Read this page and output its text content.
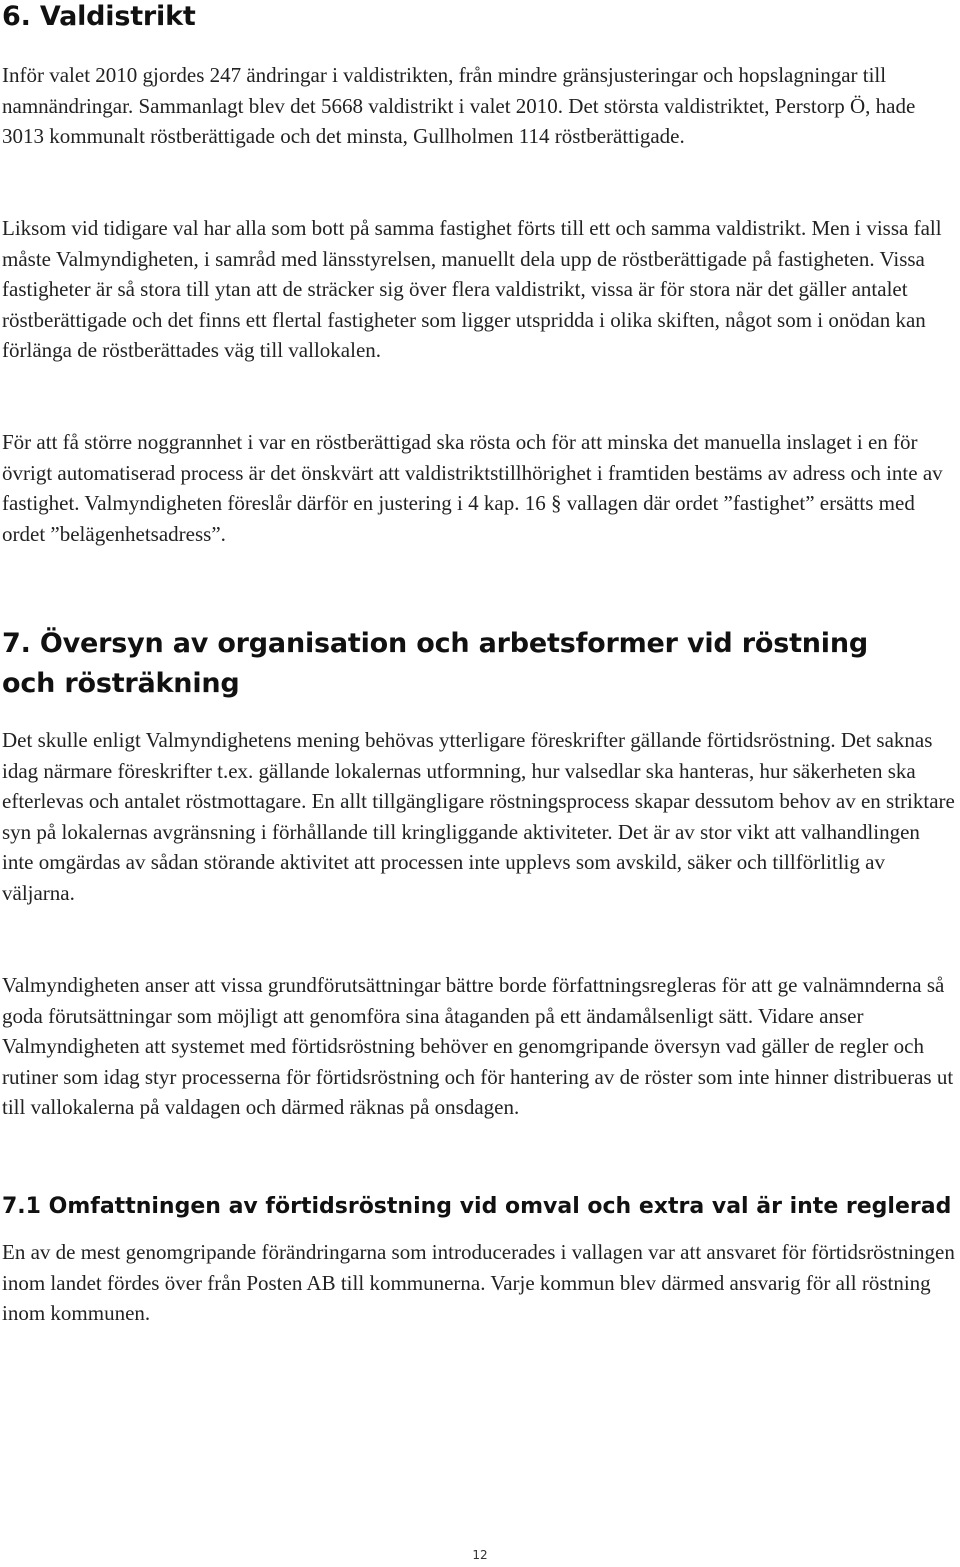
6. Valdistrikt

Inför valet 2010 gjordes 247 ändringar i valdistrikten, från mindre gränsjusteringar och hopslagningar till namnändringar. Sammanlagt blev det 5668 valdistrikt i valet 2010. Det största valdistriktet, Perstorp Ö, hade 3013 kommunalt röstberättigade och det minsta, Gullholmen 114 röstberättigade.

Liksom vid tidigare val har alla som bott på samma fastighet förts till ett och samma valdistrikt. Men i vissa fall måste Valmyndigheten, i samråd med länsstyrelsen, manuellt dela upp de röstberättigade på fastigheten. Vissa fastigheter är så stora till ytan att de sträcker sig över flera valdistrikt, vissa är för stora när det gäller antalet röstberättigade och det finns ett flertal fastigheter som ligger utspridda i olika skiften, något som i onödan kan förlänga de röstberättades väg till vallokalen.

För att få större noggrannhet i var en röstberättigad ska rösta och för att minska det manuella inslaget i en för övrigt automatiserad process är det önskvärt att valdistriktstillhörighet i framtiden bestäms av adress och inte av fastighet. Valmyndigheten föreslår därför en justering i 4 kap. 16 § vallagen där ordet ”fastighet” ersätts med ordet ”belägenhetsadress”.

7. Översyn av organisation och arbetsformer vid röstning och rösträkning

Det skulle enligt Valmyndighetens mening behövas ytterligare föreskrifter gällande förtidsröstning. Det saknas idag närmare föreskrifter t.ex. gällande lokalernas utformning, hur valsedlar ska hanteras, hur säkerheten ska efterlevas och antalet röstmottagare. En allt tillgängligare röstningsprocess skapar dessutom behov av en striktare syn på lokalernas avgränsning i förhållande till kringliggande aktiviteter. Det är av stor vikt att valhandlingen inte omgärdas av sådan störande aktivitet att processen inte upplevs som avskild, säker och tillförlitlig av väljarna.

Valmyndigheten anser att vissa grundförutsättningar bättre borde författningsregleras för att ge valnämnderna så goda förutsättningar som möjligt att genomföra sina åtaganden på ett ändamålsenligt sätt. Vidare anser Valmyndigheten att systemet med förtidsröstning behöver en genomgripande översyn vad gäller de regler och rutiner som idag styr processerna för förtidsröstning och för hantering av de röster som inte hinner distribueras ut till vallokalerna på valdagen och därmed räknas på onsdagen.

7.1 Omfattningen av förtidsröstning vid omval och extra val är inte reglerad

En av de mest genomgripande förändringarna som introducerades i vallagen var att ansvaret för förtidsröstningen inom landet fördes över från Posten AB till kommunerna. Varje kommun blev därmed ansvarig för all röstning inom kommunen.

12
